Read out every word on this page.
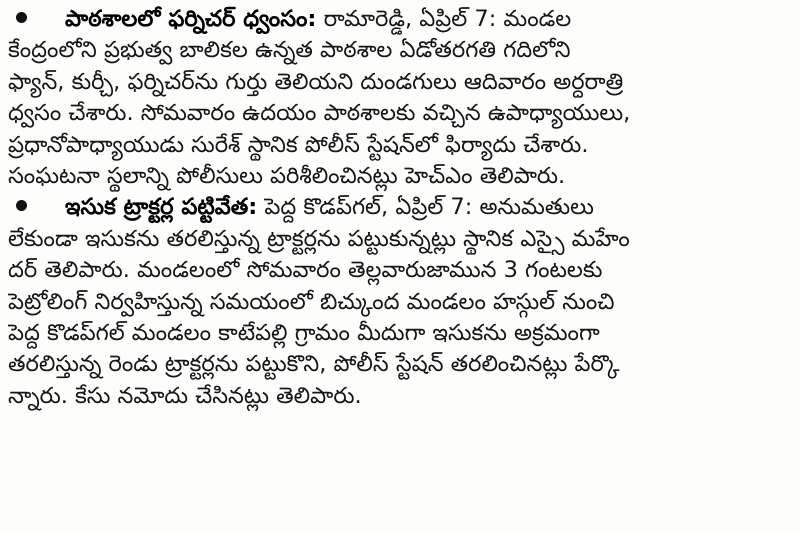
పాఠశాలలో ఫర్నిచర్ ధ్వంసం: రామారెడ్డి, ఏప్రిల్ 7: మండల
కేంద్రంలోని ప్రభుత్వ బాలికల ఉన్నత పాఠశాల ఏడోతరగతి గదిలోని
ఫ్యాన్, కుర్చీ, ఫర్నిచర్‌ను గుర్తు తెలియని దుండగులు ఆదివారం అర్ధరాత్రి
ధ్వసం చేశారు. సోమవారం ఉదయం పాఠశాలకు వచ్చిన ఉపాధ్యాయులు,
ప్రధానోపాధ్యాయుడు సురేశ్ స్థానిక పోలీస్ స్టేషన్‌లో ఫిర్యాదు చేశారు.
సంఘటనా స్థలాన్ని పోలీసులు పరిశీలించినట్లు హెచ్‌ఎం తెలిపారు.
ఇసుక ట్రాక్టర్ల పట్టివేత: పెద్ద కొడప్‌గల్, ఏప్రిల్ 7: అనుమతులు
లేకుండా ఇసుకను తరలిస్తున్న ట్రాక్టర్లను పట్టుకున్నట్లు స్థానిక ఎస్సై మహేం
దర్ తెలిపారు. మండలంలో సోమవారం తెల్లవారుజామున 3 గంటలకు
పెట్రోలింగ్ నిర్వహిస్తున్న సమయంలో బిచ్కుంద మండలం హస్గుల్ నుంచి
పెద్ద కొడప్‌గల్ మండలం కాటేపల్లి గ్రామం మీదుగా ఇసుకను అక్రమంగా
తరలిస్తున్న రెండు ట్రాక్టర్లను పట్టుకొని, పోలీస్ స్టేషన్ తరలించినట్లు పేర్కొ
న్నారు. కేసు నమోదు చేసినట్లు తెలిపారు.
